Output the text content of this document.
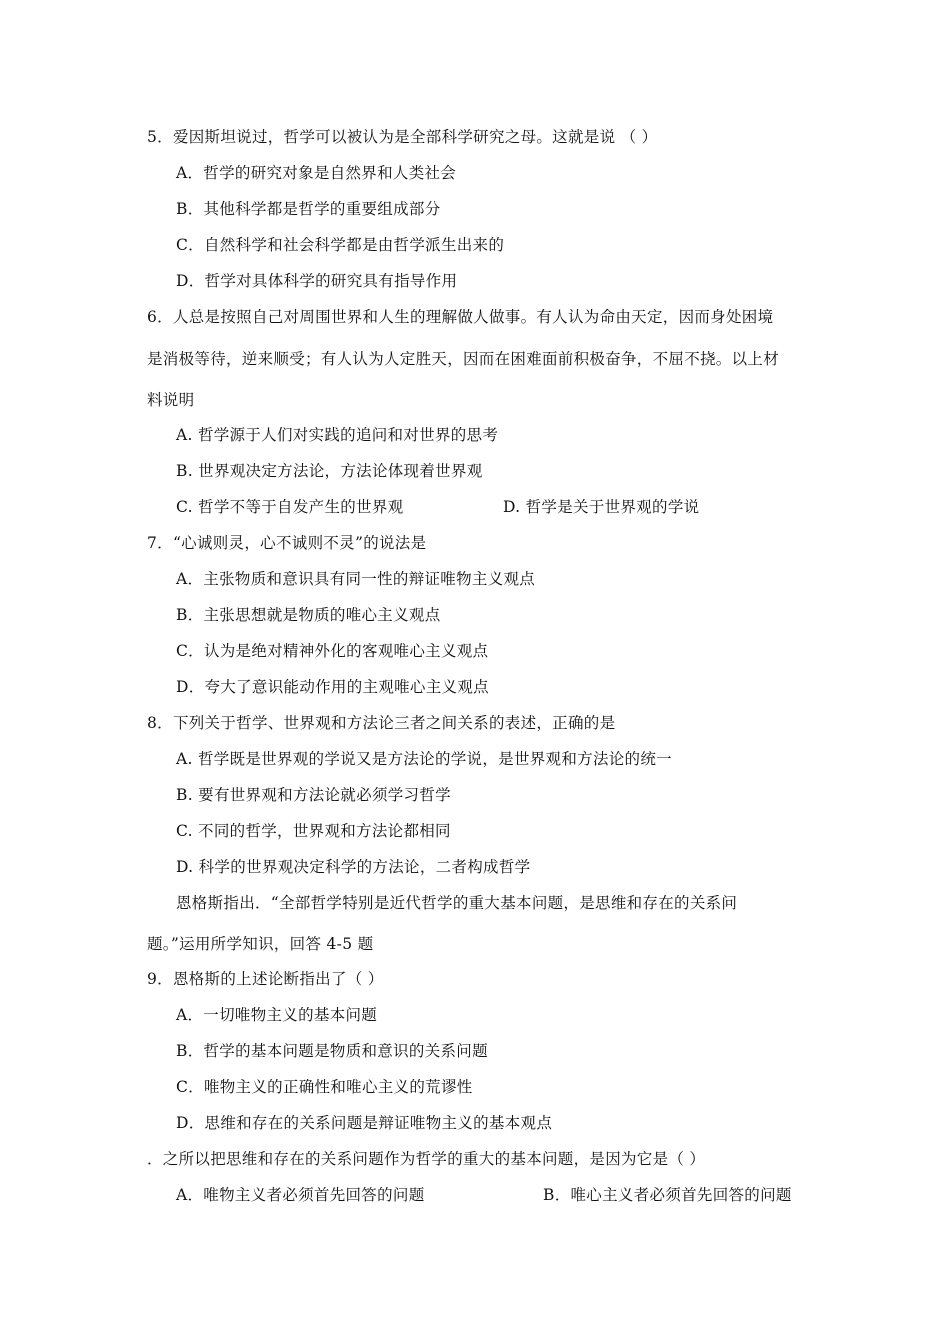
5．爱因斯坦说过，哲学可以被认为是全部科学研究之母。这就是说 （ ）
A．哲学的研究对象是自然界和人类社会
B．其他科学都是哲学的重要组成部分
C．自然科学和社会科学都是由哲学派生出来的
D．哲学对具体科学的研究具有指导作用
6．人总是按照自己对周围世界和人生的理解做人做事。有人认为命由天定，因而身处困境
是消极等待，逆来顺受；有人认为人定胜天，因而在困难面前积极奋争，不屈不挠。以上材
料说明
A. 哲学源于人们对实践的追问和对世界的思考
B. 世界观决定方法论，方法论体现着世界观
C. 哲学不等于自发产生的世界观	D. 哲学是关于世界观的学说
7．“心诚则灵，心不诚则不灵”的说法是
A．主张物质和意识具有同一性的辩证唯物主义观点
B．主张思想就是物质的唯心主义观点
C．认为是绝对精神外化的客观唯心主义观点
D．夸大了意识能动作用的主观唯心主义观点
8．下列关于哲学、世界观和方法论三者之间关系的表述，正确的是
A. 哲学既是世界观的学说又是方法论的学说，是世界观和方法论的统一
B. 要有世界观和方法论就必须学习哲学
C. 不同的哲学，世界观和方法论都相同
D. 科学的世界观决定科学的方法论，二者构成哲学
恩格斯指出．“全部哲学特别是近代哲学的重大基本问题，是思维和存在的关系问
题。”运用所学知识，回答 4-5 题
9．恩格斯的上述论断指出了（ ）
A．一切唯物主义的基本问题
B．哲学的基本问题是物质和意识的关系问题
C．唯物主义的正确性和唯心主义的荒谬性
D．思维和存在的关系问题是辩证唯物主义的基本观点
．之所以把思维和存在的关系问题作为哲学的重大的基本问题，是因为它是（ ）
A．唯物主义者必须首先回答的问题	B．唯心主义者必须首先回答的问题
